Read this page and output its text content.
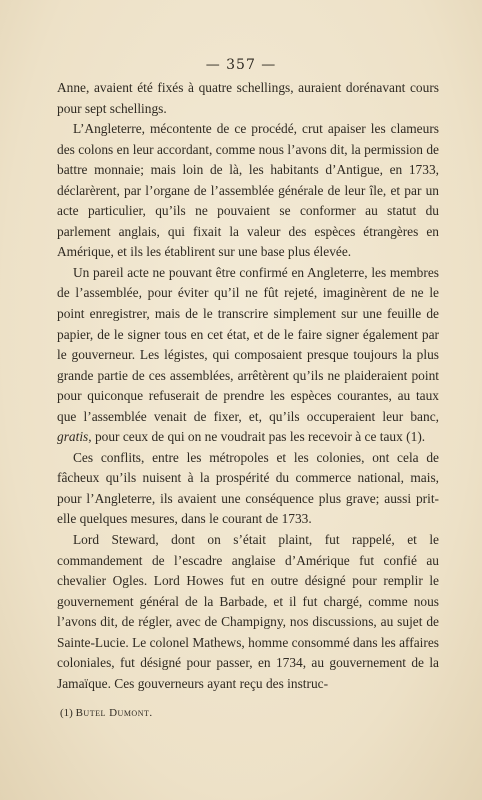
— 357 —

Anne, avaient été fixés à quatre schellings, auraient dorénavant cours pour sept schellings.

L’Angleterre, mécontente de ce procédé, crut apaiser les clameurs des colons en leur accordant, comme nous l’avons dit, la permission de battre monnaie; mais loin de là, les habitants d’Antigue, en 1733, déclarèrent, par l’organe de l’assemblée générale de leur île, et par un acte particulier, qu’ils ne pouvaient se conformer au statut du parlement anglais, qui fixait la valeur des espèces étrangères en Amérique, et ils les établirent sur une base plus élevée.

Un pareil acte ne pouvant être confirmé en Angleterre, les membres de l’assemblée, pour éviter qu’il ne fût rejeté, imaginèrent de ne le point enregistrer, mais de le transcrire simplement sur une feuille de papier, de le signer tous en cet état, et de le faire signer également par le gouverneur. Les légistes, qui composaient presque toujours la plus grande partie de ces assemblées, arrêtèrent qu’ils ne plaideraient point pour quiconque refuserait de prendre les espèces courantes, au taux que l’assemblée venait de fixer, et, qu’ils occuperaient leur banc, gratis, pour ceux de qui on ne voudrait pas les recevoir à ce taux (1).

Ces conflits, entre les métropoles et les colonies, ont cela de fâcheux qu’ils nuisent à la prospérité du commerce national, mais, pour l’Angleterre, ils avaient une conséquence plus grave; aussi prit-elle quelques mesures, dans le courant de 1733.

Lord Steward, dont on s’était plaint, fut rappelé, et le commandement de l’escadre anglaise d’Amérique fut confié au chevalier Ogles. Lord Howes fut en outre désigné pour remplir le gouvernement général de la Barbade, et il fut chargé, comme nous l’avons dit, de régler, avec de Champigny, nos discussions, au sujet de Sainte-Lucie. Le colonel Mathews, homme consommé dans les affaires coloniales, fut désigné pour passer, en 1734, au gouvernement de la Jamaïque. Ces gouverneurs ayant reçu des instruc-

(1) Butel Dumont.
